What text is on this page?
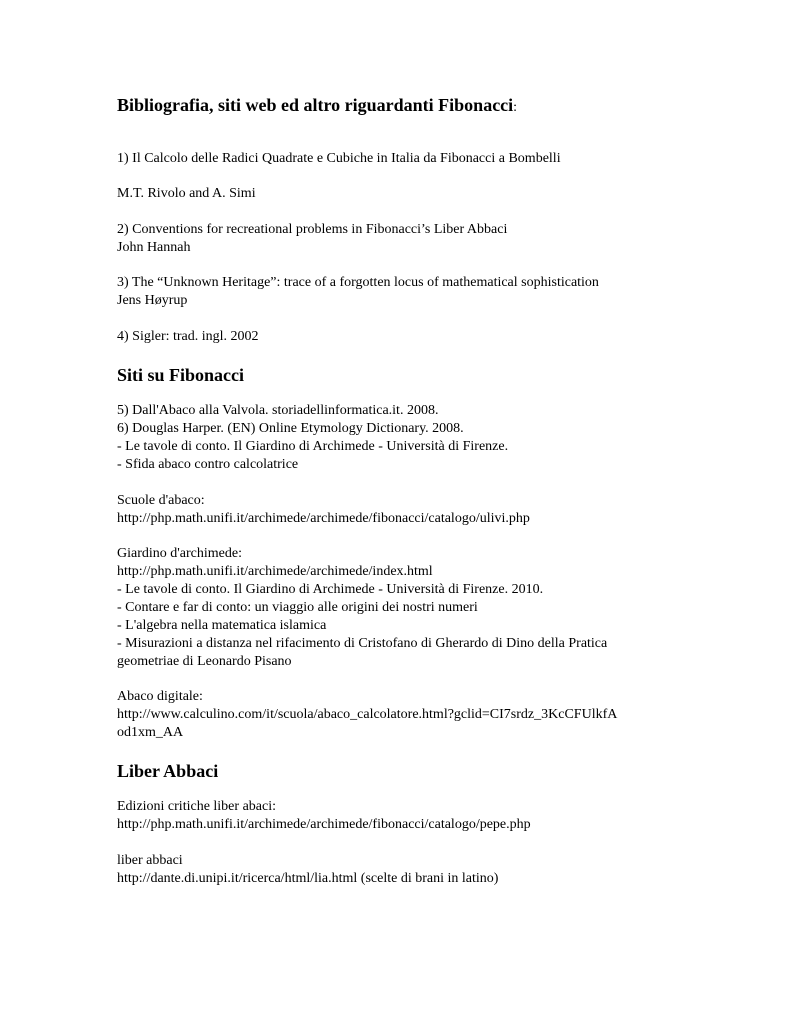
Bibliografia, siti web ed altro riguardanti Fibonacci:
1) Il Calcolo delle Radici Quadrate e Cubiche in Italia da Fibonacci a Bombelli
M.T. Rivolo and A. Simi
2) Conventions for recreational problems in Fibonacci’s Liber Abbaci
John Hannah
3) The “Unknown Heritage”: trace of a forgotten locus of mathematical sophistication
Jens Høyrup
4) Sigler: trad. ingl. 2002
Siti su Fibonacci
5) Dall'Abaco alla Valvola. storiadellinformatica.it. 2008.
6) Douglas Harper. (EN) Online Etymology Dictionary. 2008.
- Le tavole di conto. Il Giardino di Archimede - Università di Firenze.
- Sfida abaco contro calcolatrice
Scuole d'abaco:
http://php.math.unifi.it/archimede/archimede/fibonacci/catalogo/ulivi.php
Giardino d'archimede:
http://php.math.unifi.it/archimede/archimede/index.html
- Le tavole di conto. Il Giardino di Archimede - Università di Firenze. 2010.
- Contare e far di conto: un viaggio alle origini dei nostri numeri
- L'algebra nella matematica islamica
- Misurazioni a distanza nel rifacimento di Cristofano di Gherardo di Dino della Pratica
geometriae di Leonardo Pisano
Abaco digitale:
http://www.calculino.com/it/scuola/abaco_calcolatore.html?gclid=CI7srdz_3KcCFUlkfA
od1xm_AA
Liber Abbaci
Edizioni critiche liber abaci:
http://php.math.unifi.it/archimede/archimede/fibonacci/catalogo/pepe.php
liber abbaci
http://dante.di.unipi.it/ricerca/html/lia.html (scelte di brani in latino)
